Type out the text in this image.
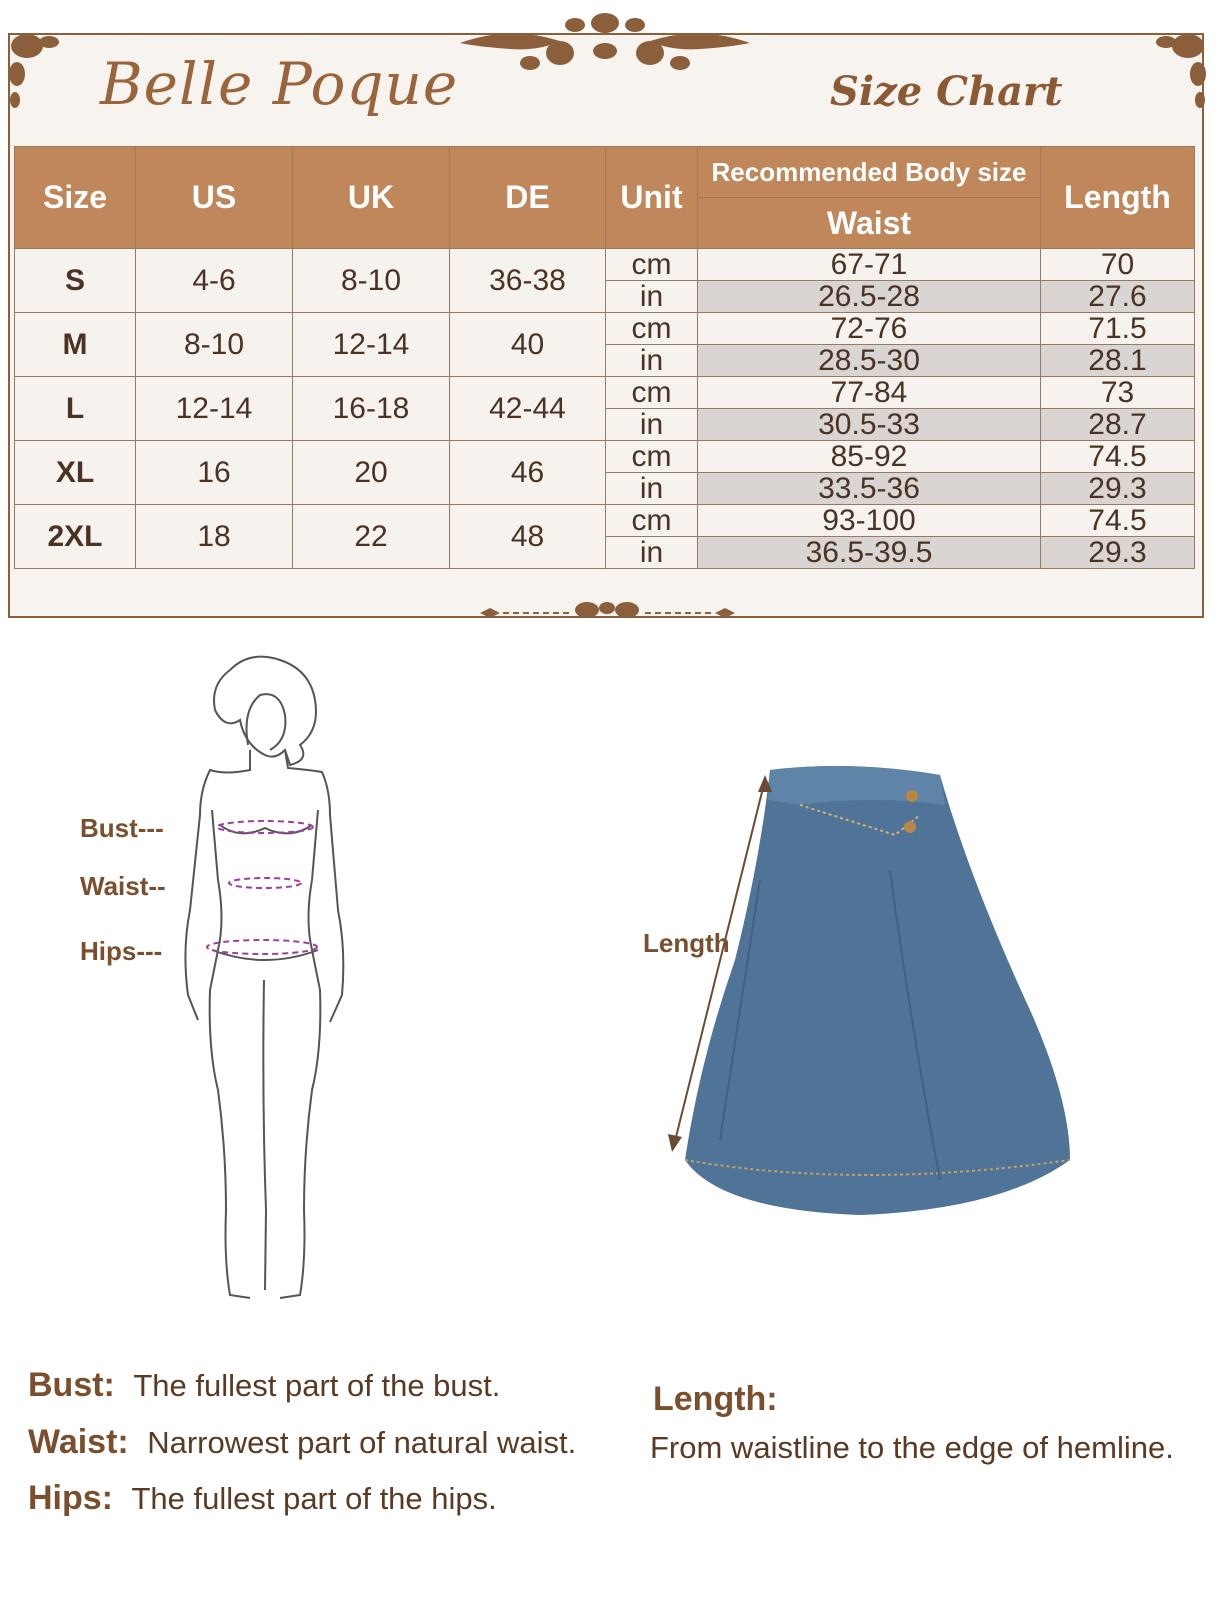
Belle Poque	Size Chart
Size	US	UK	DE	Unit	Recommended Body size	Length
					Waist	
S	4-6	8-10	36-38	cm	67-71	70
				in	26.5-28	27.6
M	8-10	12-14	40	cm	72-76	71.5
				in	28.5-30	28.1
L	12-14	16-18	42-44	cm	77-84	73
				in	30.5-33	28.7
XL	16	20	46	cm	85-92	74.5
				in	33.5-36	29.3
2XL	18	22	48	cm	93-100	74.5
				in	36.5-39.5	29.3
Bust---
Waist--
Hips---	Length
Bust: The fullest part of the bust.
Waist: Narrowest part of natural waist.
Hips: The fullest part of the hips.
Length:
From waistline to the edge of hemline.
